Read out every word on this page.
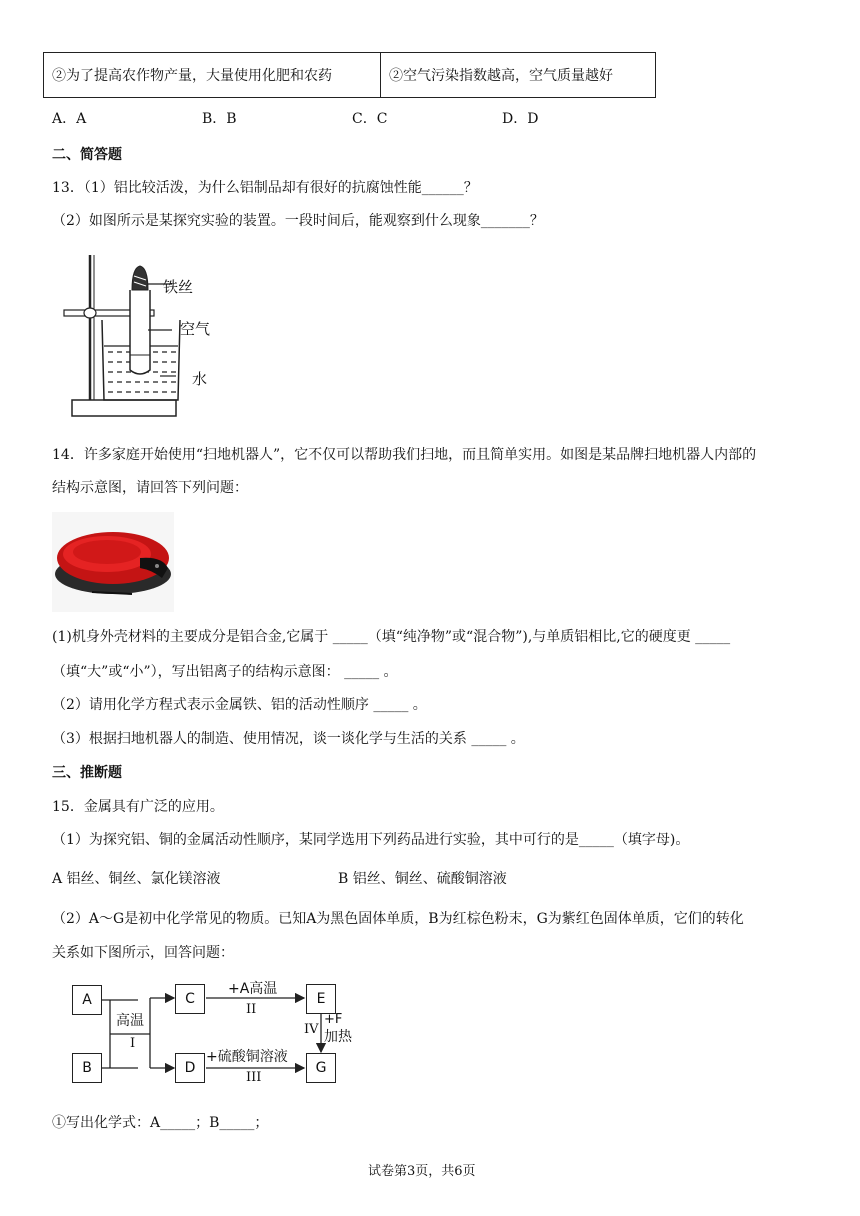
②为了提高农作物产量，大量使用化肥和农药	②空气污染指数越高，空气质量越好
A．A	B．B	C．C	D．D
二、简答题
13．（1）铝比较活泼，为什么铝制品却有很好的抗腐蚀性能______？
（2）如图所示是某探究实验的装置。一段时间后，能观察到什么现象_______？
铁丝
空气
水
14．许多家庭开始使用“扫地机器人”，它不仅可以帮助我们扫地，而且简单实用。如图是某品牌扫地机器人内部的
结构示意图，请回答下列问题：
(1)机身外壳材料的主要成分是铝合金,它属于 _____（填“纯净物”或“混合物”),与单质铝相比,它的硬度更 _____
（填“大”或“小”），写出铝离子的结构示意图： _____ 。
（2）请用化学方程式表示金属铁、铝的活动性顺序 _____ 。
（3）根据扫地机器人的制造、使用情况，谈一谈化学与生活的关系 _____ 。
三、推断题
15．金属具有广泛的应用。
（1）为探究铝、铜的金属活动性顺序，某同学选用下列药品进行实验，其中可行的是_____（填字母)。
A 铝丝、铜丝、氯化镁溶液	B 铝丝、铜丝、硫酸铜溶液
（2）A～G是初中化学常见的物质。已知A为黑色固体单质，B为红棕色粉末，G为紫红色固体单质，它们的转化
关系如下图所示，回答问题：
A
B
C
D
E
G
高温
I
+A高温
II
+硫酸铜溶液
III
IV
+F
加热
①写出化学式：A_____；B_____；
试卷第3页，共6页
